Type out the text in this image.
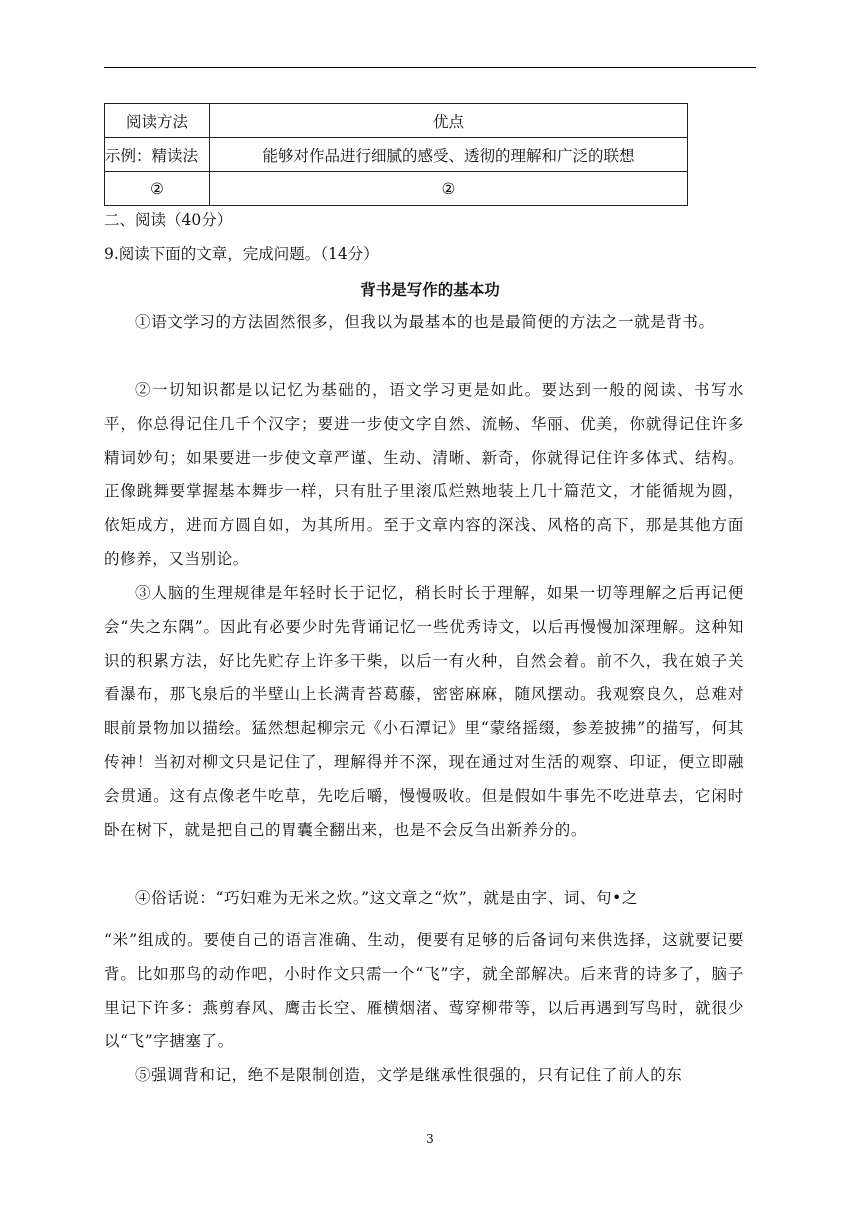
阅读方法	优点
示例：精读法	能够对作品进行细腻的感受、透彻的理解和广泛的联想
②	②
二、阅读（40分）
9.阅读下面的文章，完成问题。（14分）
背书是写作的基本功

①语文学习的方法固然很多，但我以为最基本的也是最简便的方法之一就是背书。

②一切知识都是以记忆为基础的，语文学习更是如此。要达到一般的阅读、书写水平，你总得记住几千个汉字；要进一步使文字自然、流畅、华丽、优美，你就得记住许多精词妙句；如果要进一步使文章严谨、生动、清晰、新奇，你就得记住许多体式、结构。正像跳舞要掌握基本舞步一样，只有肚子里滚瓜烂熟地装上几十篇范文，才能循规为圆，依矩成方，进而方圆自如，为其所用。至于文章内容的深浅、风格的高下，那是其他方面的修养，又当别论。

③人脑的生理规律是年轻时长于记忆，稍长时长于理解，如果一切等理解之后再记便会“失之东隅”。因此有必要少时先背诵记忆一些优秀诗文，以后再慢慢加深理解。这种知识的积累方法，好比先贮存上许多干柴，以后一有火种，自然会着。前不久，我在娘子关看瀑布，那飞泉后的半壁山上长满青苔葛藤，密密麻麻，随风摆动。我观察良久，总难对眼前景物加以描绘。猛然想起柳宗元《小石潭记》里“蒙络摇缀，参差披拂”的描写，何其传神！当初对柳文只是记住了，理解得并不深，现在通过对生活的观察、印证，便立即融会贯通。这有点像老牛吃草，先吃后嚼，慢慢吸收。但是假如牛事先不吃进草去，它闲时卧在树下，就是把自己的胃囊全翻出来，也是不会反刍出新养分的。

④俗话说：“巧妇难为无米之炊。”这文章之“炊”，就是由字、词、句•之

“米”组成的。要使自己的语言准确、生动，便要有足够的后备词句来供选择，这就要记要背。比如那鸟的动作吧，小时作文只需一个“飞”字，就全部解决。后来背的诗多了，脑子里记下许多：燕剪春风、鹰击长空、雁横烟渚、莺穿柳带等，以后再遇到写鸟时，就很少以“飞”字搪塞了。

⑤强调背和记，绝不是限制创造，文学是继承性很强的，只有记住了前人的东

3
